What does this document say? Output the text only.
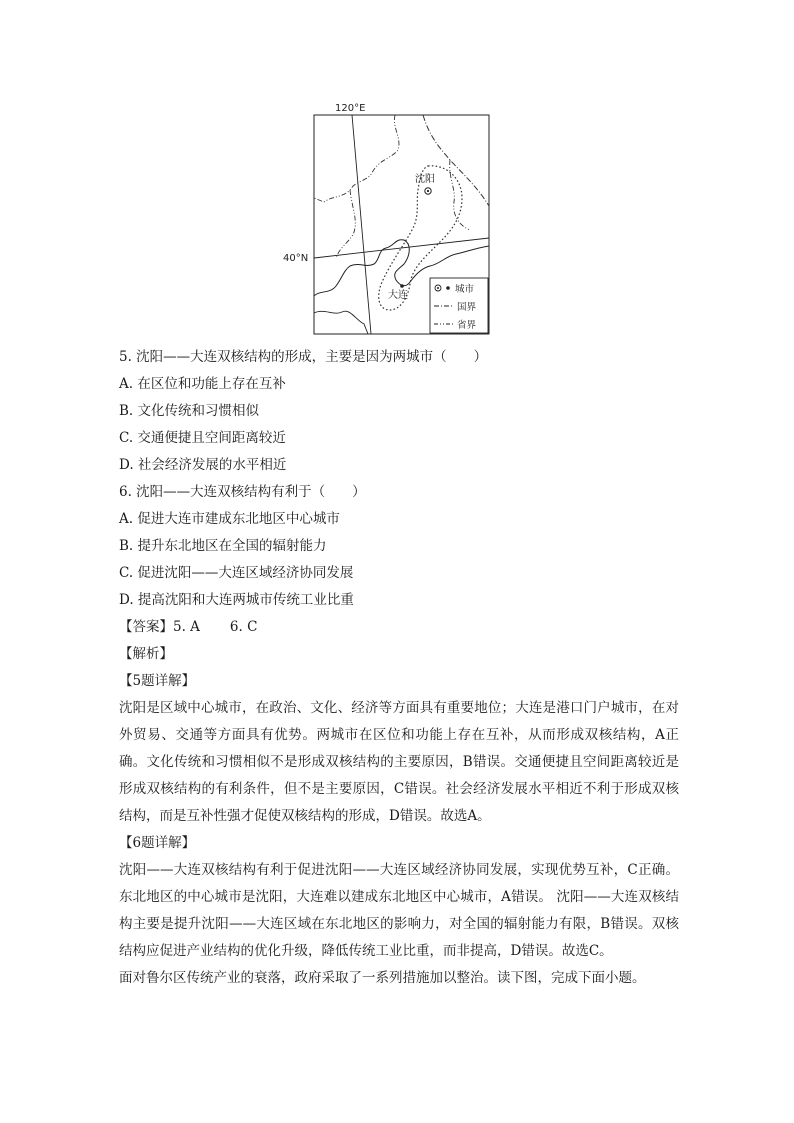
沈阳
大连
120°E
40°N
城市
国界
省界
5. 沈阳——大连双核结构的形成，主要是因为两城市（　　）
A. 在区位和功能上存在互补
B. 文化传统和习惯相似
C. 交通便捷且空间距离较近
D. 社会经济发展的水平相近
6. 沈阳——大连双核结构有利于（　　）
A. 促进大连市建成东北地区中心城市
B. 提升东北地区在全国的辐射能力
C. 促进沈阳——大连区域经济协同发展
D. 提高沈阳和大连两城市传统工业比重
【答案】5. A 6. C
【解析】
【5题详解】
沈阳是区域中心城市，在政治、文化、经济等方面具有重要地位；大连是港口门户城市，在对外贸易、交通等方面具有优势。两城市在区位和功能上存在互补，从而形成双核结构，A正确。文化传统和习惯相似不是形成双核结构的主要原因，B错误。交通便捷且空间距离较近是形成双核结构的有利条件，但不是主要原因，C错误。社会经济发展水平相近不利于形成双核结构，而是互补性强才促使双核结构的形成，D错误。故选A。
【6题详解】
沈阳——大连双核结构有利于促进沈阳——大连区域经济协同发展，实现优势互补，C正确。东北地区的中心城市是沈阳，大连难以建成东北地区中心城市，A错误。 沈阳——大连双核结构主要是提升沈阳——大连区域在东北地区的影响力，对全国的辐射能力有限，B错误。双核结构应促进产业结构的优化升级，降低传统工业比重，而非提高，D错误。故选C。
面对鲁尔区传统产业的衰落，政府采取了一系列措施加以整治。读下图，完成下面小题。
